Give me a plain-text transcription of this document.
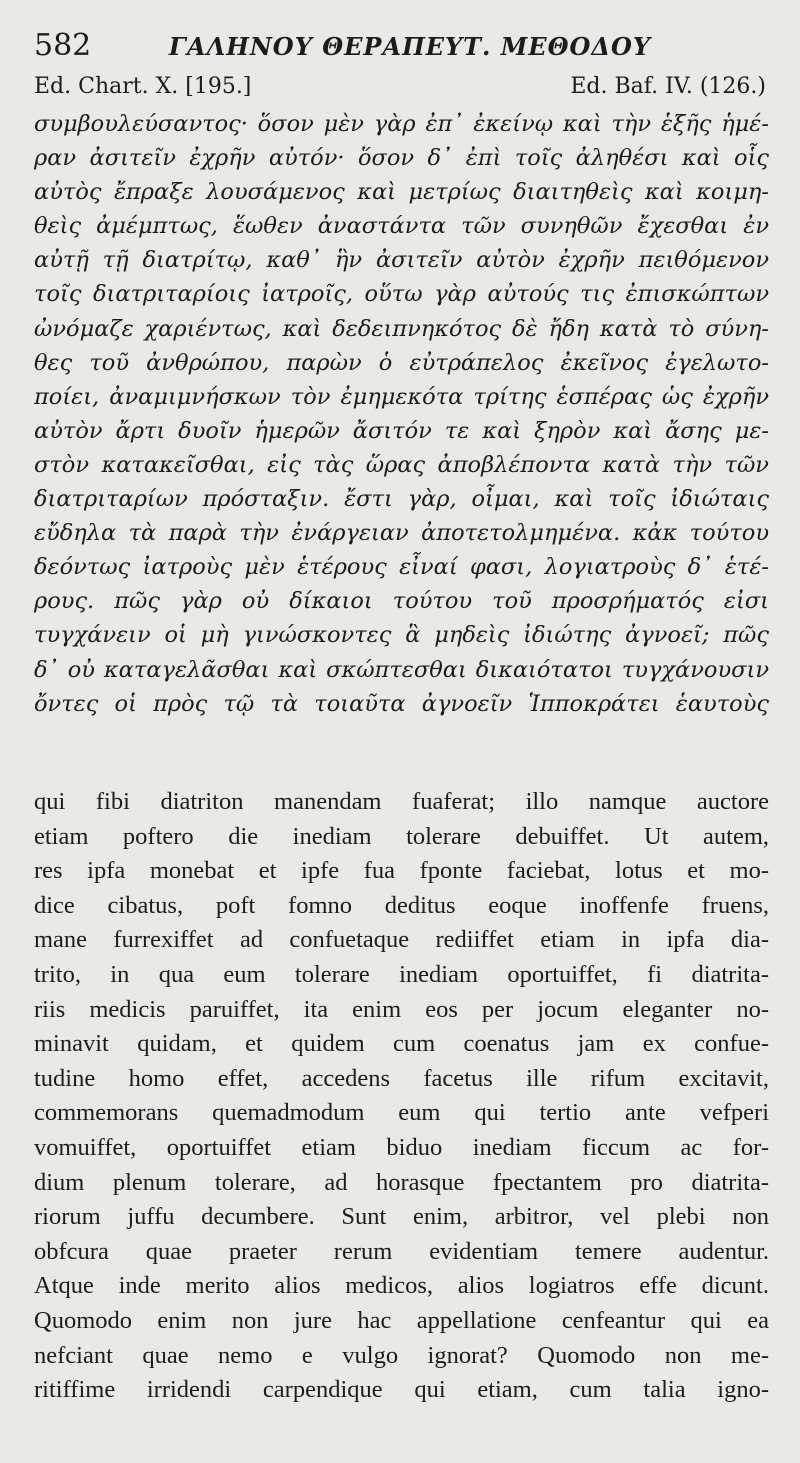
582	ΓΑΛΗΝΟΥ ΘΕΡΑΠΕΥΤ. ΜΕΘΟΔΟΥ
Ed. Chart. X. [195.]	Ed. Baf. IV. (126.)
συμβουλεύσαντος· ὅσον μὲν γὰρ ἐπ᾽ ἐκείνῳ καὶ τὴν ἑξῆς ἡμέ-
ραν ἀσιτεῖν ἐχρῆν αὐτόν· ὅσον δ᾽ ἐπὶ τοῖς ἀληθέσι καὶ οἷς
αὐτὸς ἔπραξε λουσάμενος καὶ μετρίως διαιτηθεὶς καὶ κοιμη-
θεὶς ἀμέμπτως, ἕωθεν ἀναστάντα τῶν συνηθῶν ἔχεσθαι ἐν
αὐτῇ τῇ διατρίτῳ, καθ᾽ ἣν ἀσιτεῖν αὐτὸν ἐχρῆν πειθόμενον
τοῖς διατριταρίοις ἰατροῖς, οὕτω γὰρ αὐτούς τις ἐπισκώπτων
ὠνόμαζε χαριέντως, καὶ δεδειπνηκότος δὲ ἤδη κατὰ τὸ σύνη-
θες τοῦ ἀνθρώπου, παρὼν ὁ εὐτράπελος ἐκεῖνος ἐγελωτο-
ποίει, ἀναμιμνήσκων τὸν ἐμημεκότα τρίτης ἑσπέρας ὡς ἐχρῆν
αὐτὸν ἄρτι δυοῖν ἡμερῶν ἄσιτόν τε καὶ ξηρὸν καὶ ἄσης με-
στὸν κατακεῖσθαι, εἰς τὰς ὥρας ἀποβλέποντα κατὰ τὴν τῶν
διατριταρίων πρόσταξιν. ἔστι γὰρ, οἶμαι, καὶ τοῖς ἰδιώταις
εὔδηλα τὰ παρὰ τὴν ἐνάργειαν ἀποτετολμημένα. κἀκ τούτου
δεόντως ἰατροὺς μὲν ἑτέρους εἶναί φασι, λογιατροὺς δ᾽ ἑτέ-
ρους. πῶς γὰρ οὐ δίκαιοι τούτου τοῦ προσρήματός εἰσι
τυγχάνειν οἱ μὴ γινώσκοντες ἃ μηδεὶς ἰδιώτης ἀγνοεῖ; πῶς
δ᾽ οὐ καταγελᾶσθαι καὶ σκώπτεσθαι δικαιότατοι τυγχάνουσιν
ὄντες οἱ πρὸς τῷ τὰ τοιαῦτα ἀγνοεῖν Ἱπποκράτει ἑαυτοὺς
qui fibi diatriton manendam fuaferat; illo namque auctore
etiam poftero die inediam tolerare debuiffet. Ut autem,
res ipfa monebat et ipfe fua fponte faciebat, lotus et mo-
dice cibatus, poft fomno deditus eoque inoffenfe fruens,
mane furrexiffet ad confuetaque rediiffet etiam in ipfa dia-
trito, in qua eum tolerare inediam oportuiffet, fi diatrita-
riis medicis paruiffet, ita enim eos per jocum eleganter no-
minavit quidam, et quidem cum coenatus jam ex confue-
tudine homo effet, accedens facetus ille rifum excitavit,
commemorans quemadmodum eum qui tertio ante vefperi
vomuiffet, oportuiffet etiam biduo inediam ficcum ac for-
dium plenum tolerare, ad horasque fpectantem pro diatrita-
riorum juffu decumbere. Sunt enim, arbitror, vel plebi non
obfcura quae praeter rerum evidentiam temere audentur.
Atque inde merito alios medicos, alios logiatros effe dicunt.
Quomodo enim non jure hac appellatione cenfeantur qui ea
nefciant quae nemo e vulgo ignorat? Quomodo non me-
ritiffime irridendi carpendique qui etiam, cum talia igno-
